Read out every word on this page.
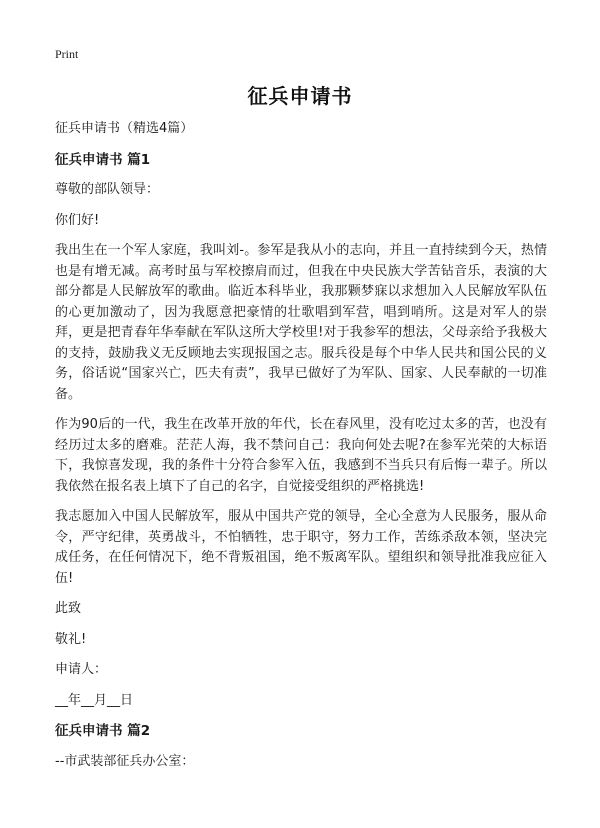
Print
征兵申请书

征兵申请书（精选4篇）

征兵申请书 篇1

尊敬的部队领导：

你们好!

我出生在一个军人家庭，我叫刘-。参军是我从小的志向，并且一直持续到今天，热情也是有增无减。高考时虽与军校擦肩而过，但我在中央民族大学苦钻音乐，表演的大部分都是人民解放军的歌曲。临近本科毕业，我那颗梦寐以求想加入人民解放军队伍的心更加激动了，因为我愿意把豪情的壮歌唱到军营，唱到哨所。这是对军人的崇拜，更是把青春年华奉献在军队这所大学校里!对于我参军的想法，父母亲给予我极大的支持，鼓励我义无反顾地去实现报国之志。服兵役是每个中华人民共和国公民的义务，俗话说“国家兴亡，匹夫有责”，我早已做好了为军队、国家、人民奉献的一切准备。

作为90后的一代，我生在改革开放的年代，长在春风里，没有吃过太多的苦，也没有经历过太多的磨难。茫茫人海，我不禁问自己：我向何处去呢?在参军光荣的大标语下，我惊喜发现，我的条件十分符合参军入伍，我感到不当兵只有后悔一辈子。所以我依然在报名表上填下了自己的名字，自觉接受组织的严格挑选!

我志愿加入中国人民解放军，服从中国共产党的领导，全心全意为人民服务，服从命令，严守纪律，英勇战斗，不怕牺牲，忠于职守，努力工作，苦练杀敌本领，坚决完成任务，在任何情况下，绝不背叛祖国，绝不叛离军队。望组织和领导批准我应征入伍!

此致

敬礼!

申请人：

__年__月__日

征兵申请书 篇2

--市武装部征兵办公室：
